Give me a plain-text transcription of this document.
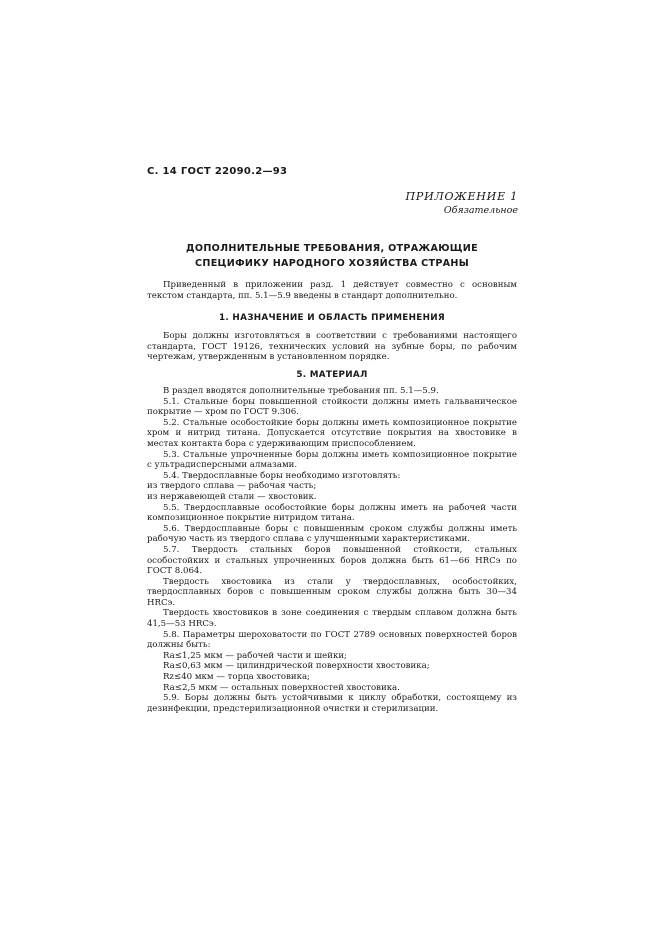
С. 14 ГОСТ 22090.2—93
ПРИЛОЖЕНИЕ 1
Обязательное
ДОПОЛНИТЕЛЬНЫЕ ТРЕБОВАНИЯ, ОТРАЖАЮЩИЕ
СПЕЦИФИКУ НАРОДНОГО ХОЗЯЙСТВА СТРАНЫ

Приведенный в приложении разд. 1 действует совместно с основным текстом стандарта, пп. 5.1—5.9 введены в стандарт дополнительно.

1. НАЗНАЧЕНИЕ И ОБЛАСТЬ ПРИМЕНЕНИЯ

Боры должны изготовляться в соответствии с требованиями настоящего стандарта, ГОСТ 19126, технических условий на зубные боры, по рабочим чертежам, утвержденным в установленном порядке.

5. МАТЕРИАЛ

В раздел вводятся дополнительные требования пп. 5.1—5.9.

5.1. Стальные боры повышенной стойкости должны иметь гальваническое покрытие — хром по ГОСТ 9.306.

5.2. Стальные особостойкие боры должны иметь композиционное покрытие хром и нитрид титана. Допускается отсутствие покрытия на хвостовике в местах контакта бора с удерживающим приспособлением.

5.3. Стальные упрочненные боры должны иметь композиционное покрытие с ультрадисперсными алмазами.

5.4. Твердосплавные боры необходимо изготовлять:

из твердого сплава — рабочая часть;

из нержавеющей стали — хвостовик.

5.5. Твердосплавные особостойкие боры должны иметь на рабочей части композиционное покрытие нитридом титана.

5.6. Твердосплавные боры с повышенным сроком службы должны иметь рабочую часть из твердого сплава с улучшенными характеристиками.

5.7. Твердость стальных боров повышенной стойкости, стальных особостойких и стальных упрочненных боров должна быть 61—66 HRCэ по ГОСТ 8.064.

Твердость хвостовика из стали у твердосплавных, особостойких, твердосплавных боров с повышенным сроком службы должна быть 30—34 HRCэ.

Твердость хвостовиков в зоне соединения с твердым сплавом должна быть 41,5—53 HRCэ.

5.8. Параметры шероховатости по ГОСТ 2789 основных поверхностей боров должны быть:

Ra≤1,25 мкм — рабочей части и шейки;

Ra≤0,63 мкм — цилиндрической поверхности хвостовика;

Rz≤40 мкм — торца хвостовика;

Ra≤2,5 мкм — остальных поверхностей хвостовика.

5.9. Боры должны быть устойчивыми к циклу обработки, состоящему из дезинфекции, предстерилизационной очистки и стерилизации.
